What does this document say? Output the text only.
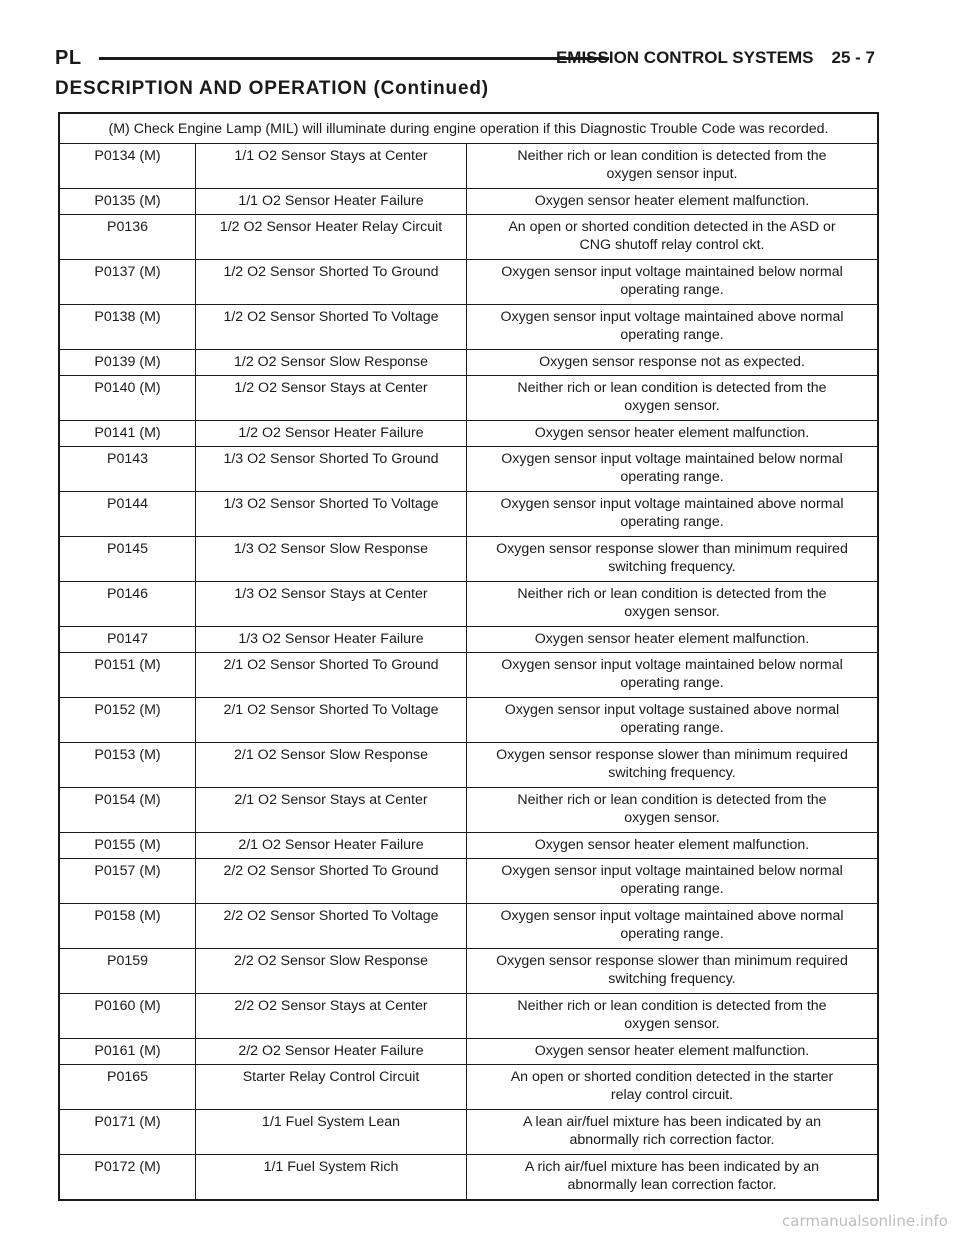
PL	EMISSION CONTROL SYSTEMS 25 - 7
DESCRIPTION AND OPERATION (Continued)
(M) Check Engine Lamp (MIL) will illuminate during engine operation if this Diagnostic Trouble Code was recorded.
P0134 (M)	1/1 O2 Sensor Stays at Center	Neither rich or lean condition is detected from the
oxygen sensor input.
P0135 (M)	1/1 O2 Sensor Heater Failure	Oxygen sensor heater element malfunction.
P0136	1/2 O2 Sensor Heater Relay Circuit	An open or shorted condition detected in the ASD or
CNG shutoff relay control ckt.
P0137 (M)	1/2 O2 Sensor Shorted To Ground	Oxygen sensor input voltage maintained below normal
operating range.
P0138 (M)	1/2 O2 Sensor Shorted To Voltage	Oxygen sensor input voltage maintained above normal
operating range.
P0139 (M)	1/2 O2 Sensor Slow Response	Oxygen sensor response not as expected.
P0140 (M)	1/2 O2 Sensor Stays at Center	Neither rich or lean condition is detected from the
oxygen sensor.
P0141 (M)	1/2 O2 Sensor Heater Failure	Oxygen sensor heater element malfunction.
P0143	1/3 O2 Sensor Shorted To Ground	Oxygen sensor input voltage maintained below normal
operating range.
P0144	1/3 O2 Sensor Shorted To Voltage	Oxygen sensor input voltage maintained above normal
operating range.
P0145	1/3 O2 Sensor Slow Response	Oxygen sensor response slower than minimum required
switching frequency.
P0146	1/3 O2 Sensor Stays at Center	Neither rich or lean condition is detected from the
oxygen sensor.
P0147	1/3 O2 Sensor Heater Failure	Oxygen sensor heater element malfunction.
P0151 (M)	2/1 O2 Sensor Shorted To Ground	Oxygen sensor input voltage maintained below normal
operating range.
P0152 (M)	2/1 O2 Sensor Shorted To Voltage	Oxygen sensor input voltage sustained above normal
operating range.
P0153 (M)	2/1 O2 Sensor Slow Response	Oxygen sensor response slower than minimum required
switching frequency.
P0154 (M)	2/1 O2 Sensor Stays at Center	Neither rich or lean condition is detected from the
oxygen sensor.
P0155 (M)	2/1 O2 Sensor Heater Failure	Oxygen sensor heater element malfunction.
P0157 (M)	2/2 O2 Sensor Shorted To Ground	Oxygen sensor input voltage maintained below normal
operating range.
P0158 (M)	2/2 O2 Sensor Shorted To Voltage	Oxygen sensor input voltage maintained above normal
operating range.
P0159	2/2 O2 Sensor Slow Response	Oxygen sensor response slower than minimum required
switching frequency.
P0160 (M)	2/2 O2 Sensor Stays at Center	Neither rich or lean condition is detected from the
oxygen sensor.
P0161 (M)	2/2 O2 Sensor Heater Failure	Oxygen sensor heater element malfunction.
P0165	Starter Relay Control Circuit	An open or shorted condition detected in the starter
relay control circuit.
P0171 (M)	1/1 Fuel System Lean	A lean air/fuel mixture has been indicated by an
abnormally rich correction factor.
P0172 (M)	1/1 Fuel System Rich	A rich air/fuel mixture has been indicated by an
abnormally lean correction factor.
carmanualsonline.info
